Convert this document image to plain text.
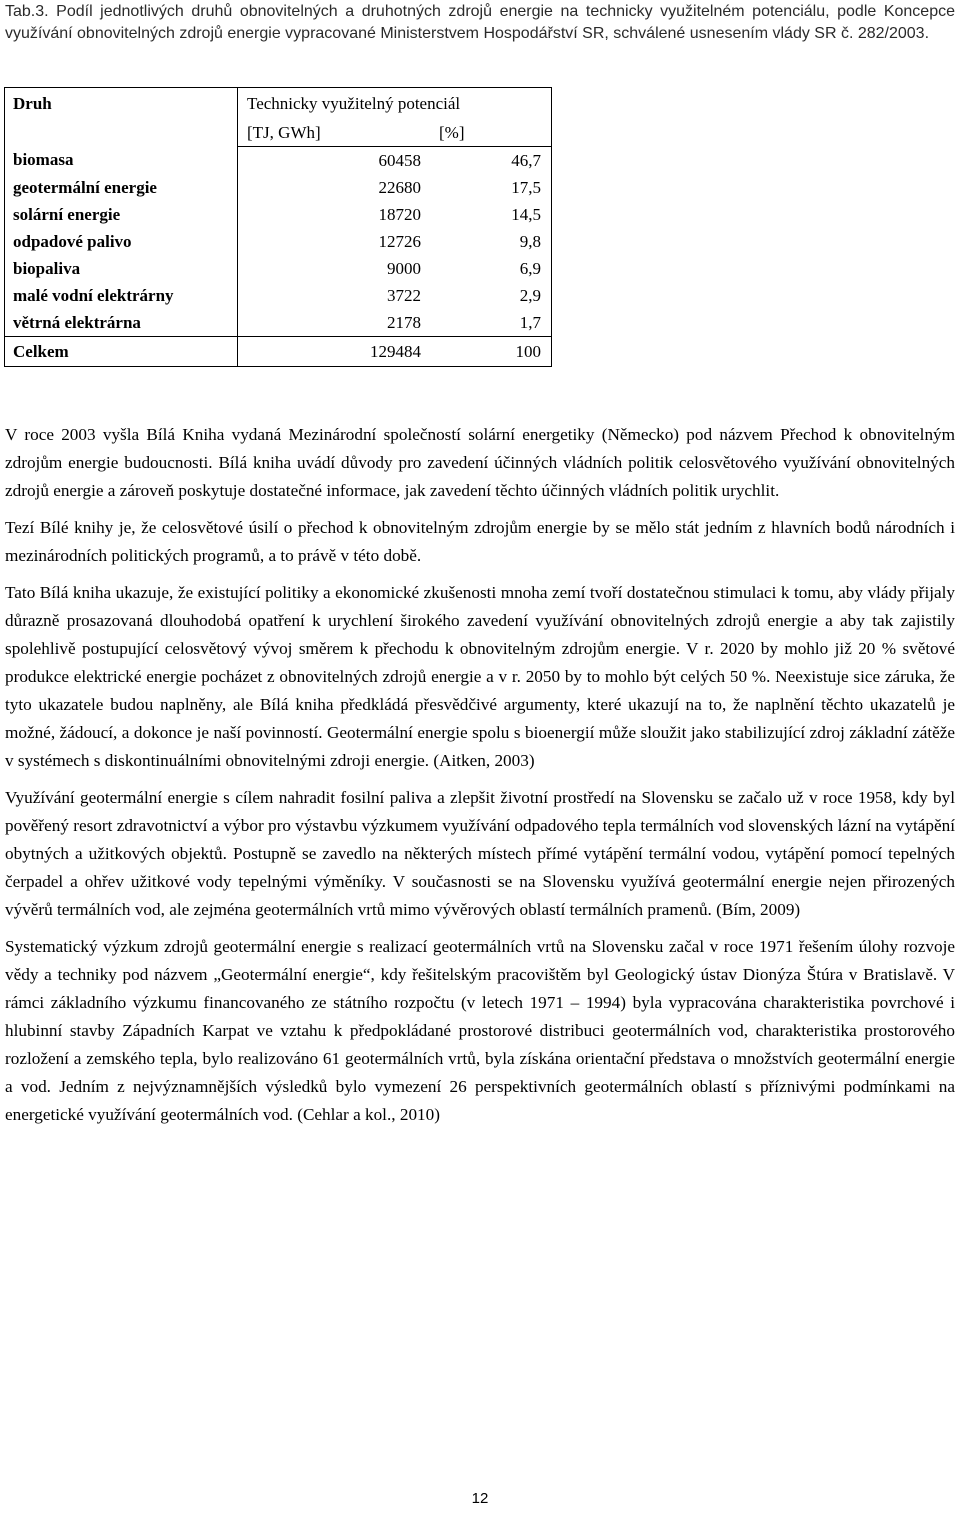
Tab.3. Podíl jednotlivých druhů obnovitelných a druhotných zdrojů energie na technicky využitelném potenciálu, podle Koncepce využívání obnovitelných zdrojů energie vypracované Ministerstvem Hospodářství SR, schválené usnesením vlády SR č. 282/2003.

Druh	Technicky využitelný potenciál	
	[TJ, GWh]	[%]
biomasa	60458	46,7
geotermální energie	22680	17,5
solární energie	18720	14,5
odpadové palivo	12726	9,8
biopaliva	9000	6,9
malé vodní elektrárny	3722	2,9
větrná elektrárna	2178	1,7
Celkem	129484	100

V roce 2003 vyšla Bílá Kniha vydaná Mezinárodní společností solární energetiky (Německo) pod názvem Přechod k obnovitelným zdrojům energie budoucnosti. Bílá kniha uvádí důvody pro zavedení účinných vládních politik celosvětového využívání obnovitelných zdrojů energie a zároveň poskytuje dostatečné informace, jak zavedení těchto účinných vládních politik urychlit.

Tezí Bílé knihy je, že celosvětové úsilí o přechod k obnovitelným zdrojům energie by se mělo stát jedním z hlavních bodů národních i mezinárodních politických programů, a to právě v této době.

Tato Bílá kniha ukazuje, že existující politiky a ekonomické zkušenosti mnoha zemí tvoří dostatečnou stimulaci k tomu, aby vlády přijaly důrazně prosazovaná dlouhodobá opatření k urychlení širokého zavedení využívání obnovitelných zdrojů energie a aby tak zajistily spolehlivě postupující celosvětový vývoj směrem k přechodu k obnovitelným zdrojům energie. V r. 2020 by mohlo již 20 % světové produkce elektrické energie pocházet z obnovitelných zdrojů energie a v r. 2050 by to mohlo být celých 50 %. Neexistuje sice záruka, že tyto ukazatele budou naplněny, ale Bílá kniha předkládá přesvědčivé argumenty, které ukazují na to, že naplnění těchto ukazatelů je možné, žádoucí, a dokonce je naší povinností. Geotermální energie spolu s bioenergií může sloužit jako stabilizující zdroj základní zátěže v systémech s diskontinuálními obnovitelnými zdroji energie. (Aitken, 2003)

Využívání geotermální energie s cílem nahradit fosilní paliva a zlepšit životní prostředí na Slovensku se začalo už v roce 1958, kdy byl pověřený resort zdravotnictví a výbor pro výstavbu výzkumem využívání odpadového tepla termálních vod slovenských lázní na vytápění obytných a užitkových objektů. Postupně se zavedlo na některých místech přímé vytápění termální vodou, vytápění pomocí tepelných čerpadel a ohřev užitkové vody tepelnými výměníky. V současnosti se na Slovensku využívá geotermální energie nejen přirozených vývěrů termálních vod, ale zejména geotermálních vrtů mimo vývěrových oblastí termálních pramenů. (Bím, 2009)

Systematický výzkum zdrojů geotermální energie s realizací geotermálních vrtů na Slovensku začal v roce 1971 řešením úlohy rozvoje vědy a techniky pod názvem „Geotermální energie“, kdy řešitelským pracovištěm byl Geologický ústav Dionýza Štúra v Bratislavě. V rámci základního výzkumu financovaného ze státního rozpočtu (v letech 1971 – 1994) byla vypracována charakteristika povrchové i hlubinní stavby Západních Karpat ve vztahu k předpokládané prostorové distribuci geotermálních vod, charakteristika prostorového rozložení a zemského tepla, bylo realizováno 61 geotermálních vrtů, byla získána orientační představa o množstvích geotermální energie a vod. Jedním z nejvýznamnějších výsledků bylo vymezení 26 perspektivních geotermálních oblastí s příznivými podmínkami na energetické využívání geotermálních vod. (Cehlar a kol., 2010)

12
